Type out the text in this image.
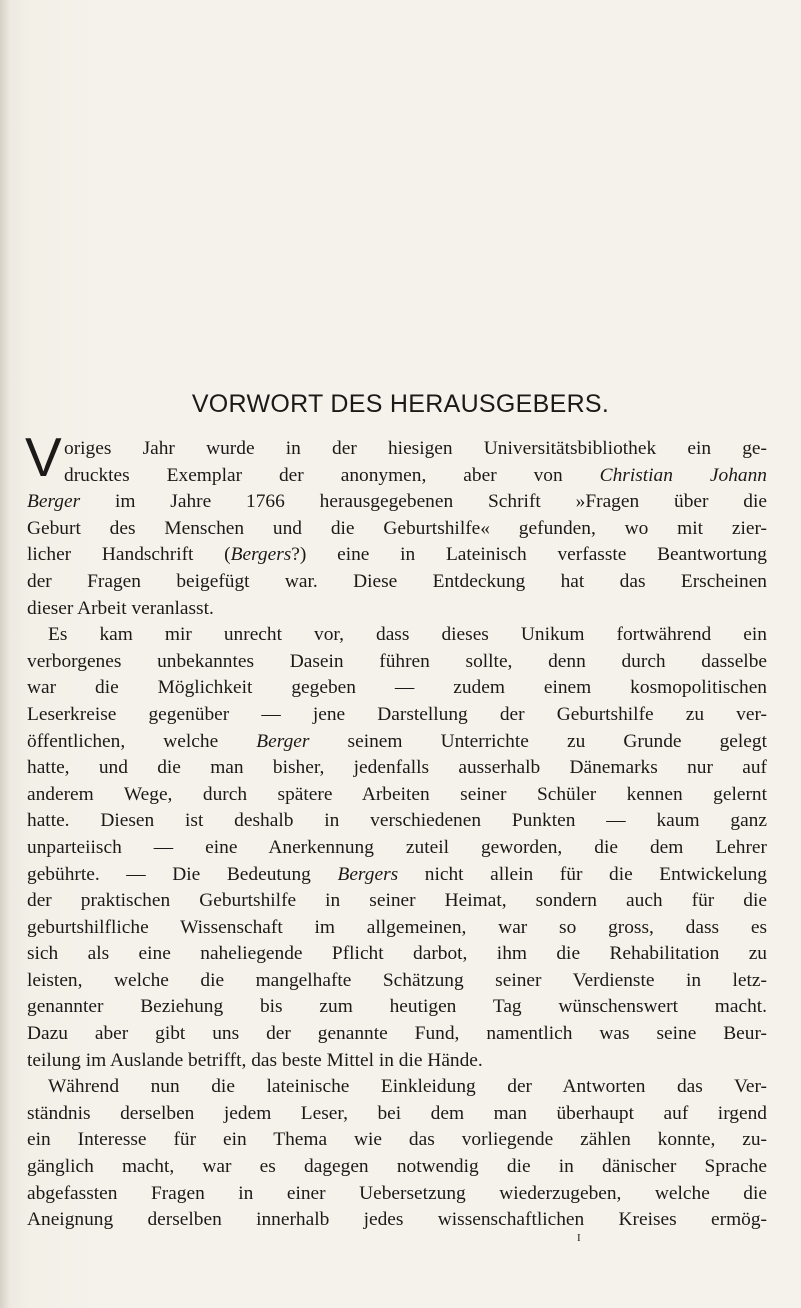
VORWORT DES HERAUSGEBERS.
V origes Jahr wurde in der hiesigen Universitätsbibliothek ein ge-
drucktes Exemplar der anonymen, aber von Christian Johann
Berger im Jahre 1766 herausgegebenen Schrift »Fragen über die
Geburt des Menschen und die Geburtshilfe« gefunden, wo mit zier-
licher Handschrift (Bergers?) eine in Lateinisch verfasste Beantwortung
der Fragen beigefügt war. Diese Entdeckung hat das Erscheinen
dieser Arbeit veranlasst.
Es kam mir unrecht vor, dass dieses Unikum fortwährend ein
verborgenes unbekanntes Dasein führen sollte, denn durch dasselbe
war die Möglichkeit gegeben — zudem einem kosmopolitischen
Leserkreise gegenüber — jene Darstellung der Geburtshilfe zu ver-
öffentlichen, welche Berger seinem Unterrichte zu Grunde gelegt
hatte, und die man bisher, jedenfalls ausserhalb Dänemarks nur auf
anderem Wege, durch spätere Arbeiten seiner Schüler kennen gelernt
hatte. Diesen ist deshalb in verschiedenen Punkten — kaum ganz
unparteiisch — eine Anerkennung zuteil geworden, die dem Lehrer
gebührte. — Die Bedeutung Bergers nicht allein für die Entwickelung
der praktischen Geburtshilfe in seiner Heimat, sondern auch für die
geburtshilfliche Wissenschaft im allgemeinen, war so gross, dass es
sich als eine naheliegende Pflicht darbot, ihm die Rehabilitation zu
leisten, welche die mangelhafte Schätzung seiner Verdienste in letz-
genannter Beziehung bis zum heutigen Tag wünschenswert macht.
Dazu aber gibt uns der genannte Fund, namentlich was seine Beur-
teilung im Auslande betrifft, das beste Mittel in die Hände.
Während nun die lateinische Einkleidung der Antworten das Ver-
ständnis derselben jedem Leser, bei dem man überhaupt auf irgend
ein Interesse für ein Thema wie das vorliegende zählen konnte, zu-
gänglich macht, war es dagegen notwendig die in dänischer Sprache
abgefassten Fragen in einer Uebersetzung wiederzugeben, welche die
Aneignung derselben innerhalb jedes wissenschaftlichen Kreises ermög-
I
